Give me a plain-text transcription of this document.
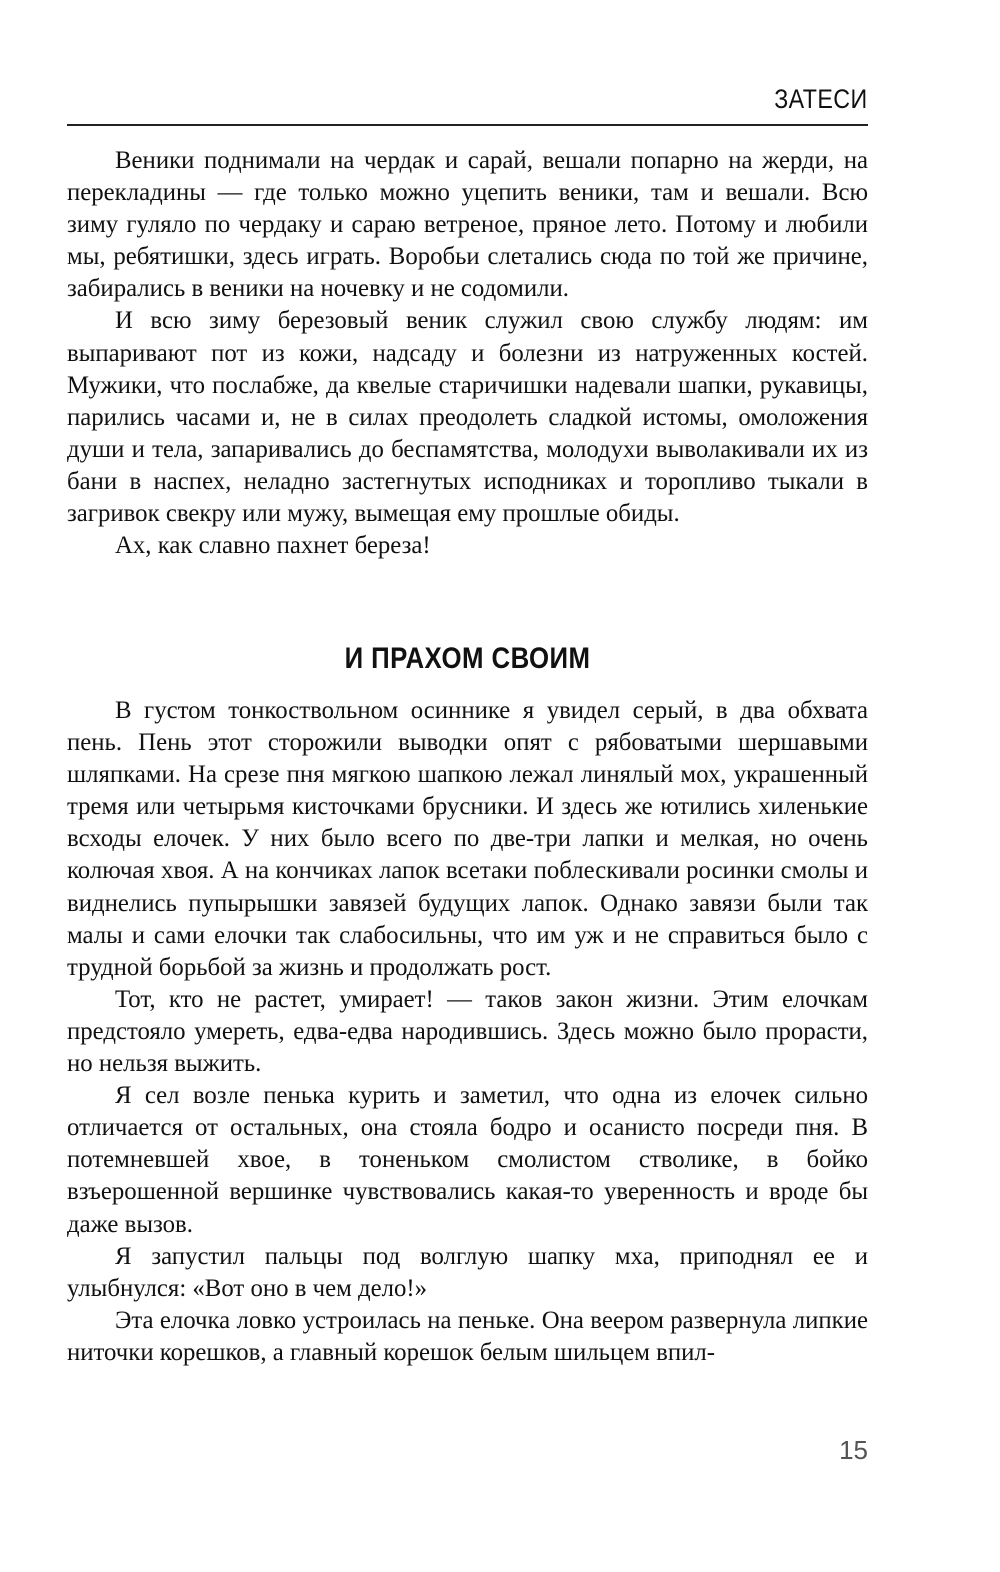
ЗАТЕСИ

Веники поднимали на чердак и сарай, вешали попарно на жерди, на перекладины — где только можно уцепить веники, там и вешали. Всю зиму гуляло по чердаку и сараю ветреное, пряное лето. Потому и любили мы, ребятишки, здесь играть. Воробьи слетались сюда по той же причине, забирались в веники на ночевку и не содомили.

И всю зиму березовый веник служил свою службу людям: им выпаривают пот из кожи, надсаду и болезни из натруженных костей. Мужики, что послабже, да квелые старичишки надевали шапки, рукавицы, парились часами и, не в силах преодолеть сладкой истомы, омоложения души и тела, запаривались до беспамятства, молодухи выволакивали их из бани в наспех, неладно застегнутых исподниках и торопливо тыкали в загривок свекру или мужу, вымещая ему прошлые обиды.

Ах, как славно пахнет береза!

И ПРАХОМ СВОИМ

В густом тонкоствольном осиннике я увидел серый, в два обхвата пень. Пень этот сторожили выводки опят с рябоватыми шершавыми шляпками. На срезе пня мягкою шапкою лежал линялый мох, украшенный тремя или четырьмя кисточками брусники. И здесь же ютились хиленькие всходы елочек. У них было всего по две-три лапки и мелкая, но очень колючая хвоя. А на кончиках лапок всетаки поблескивали росинки смолы и виднелись пупырышки завязей будущих лапок. Однако завязи были так малы и сами елочки так слабосильны, что им уж и не справиться было с трудной борьбой за жизнь и продолжать рост.

Тот, кто не растет, умирает! — таков закон жизни. Этим елочкам предстояло умереть, едва-едва народившись. Здесь можно было прорасти, но нельзя выжить.

Я сел возле пенька курить и заметил, что одна из елочек сильно отличается от остальных, она стояла бодро и осанисто посреди пня. В потемневшей хвое, в тоненьком смолистом стволике, в бойко взъерошенной вершинке чувствовались какая-то уверенность и вроде бы даже вызов.

Я запустил пальцы под волглую шапку мха, приподнял ее и улыбнулся: «Вот оно в чем дело!»

Эта елочка ловко устроилась на пеньке. Она веером развернула липкие ниточки корешков, а главный корешок белым шильцем впил-

15
